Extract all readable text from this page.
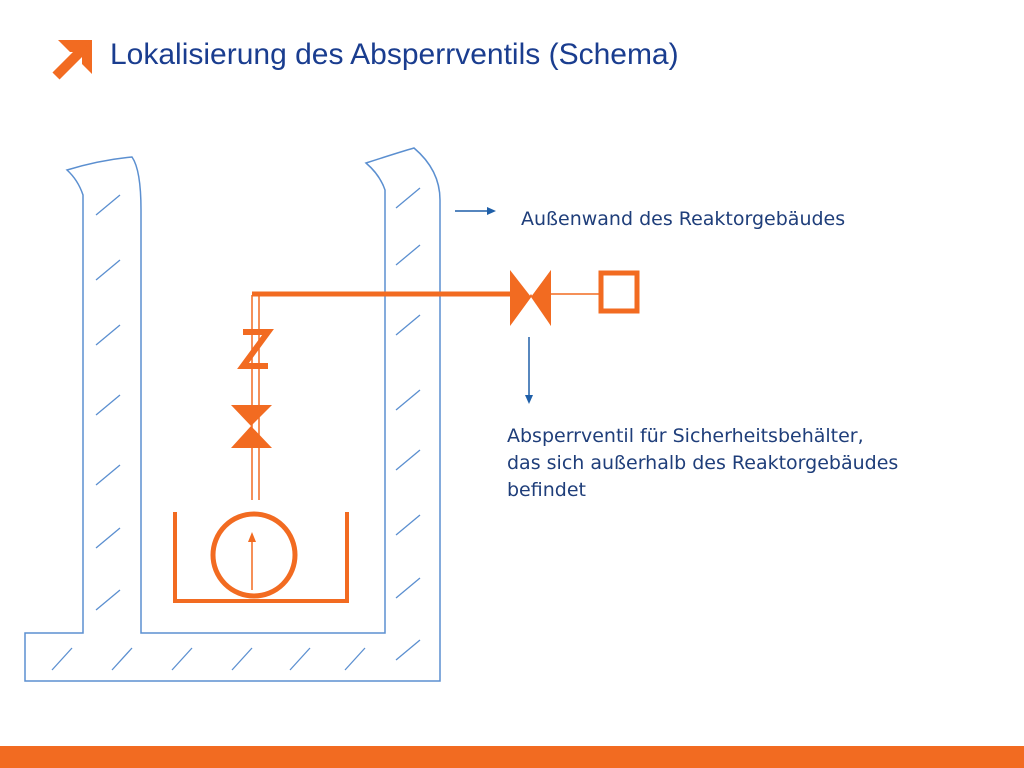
Lokalisierung des Absperrventils (Schema)
Außenwand des Reaktorgebäudes
Absperrventil für Sicherheitsbehälter,
das sich außerhalb des Reaktorgebäudes
befindet
